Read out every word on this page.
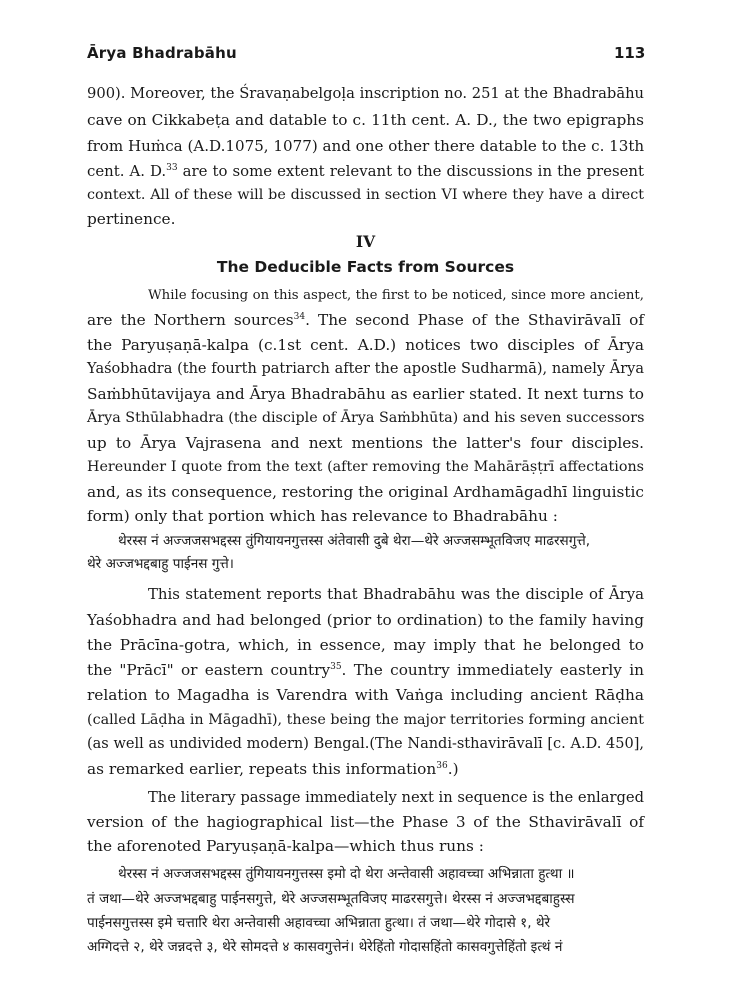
Ārya Bhadrabāhu	113
900). Moreover, the Śravaṇabelgoḷa inscription no. 251 at the Bhadrabāhu
cave on Cikkabeṭa and datable to c. 11th cent. A. D., the two epigraphs
from Huṁca (A.D.1075, 1077) and one other there datable to the c. 13th
cent. A. D.$^{33}$ are to some extent relevant to the discussions in the present
context. All of these will be discussed in section VI where they have a direct
pertinence.
IV
The Deducible Facts from Sources
While focusing on this aspect, the first to be noticed, since more ancient,
are the Northern sources$^{34}$. The second Phase of the Sthavirāvalī of
the Paryuṣaṇā-kalpa (c.1st cent. A.D.) notices two disciples of Ārya
Yaśobhadra (the fourth patriarch after the apostle Sudharmā), namely Ārya
Saṁbhūtavijaya and Ārya Bhadrabāhu as earlier stated. It next turns to
Ārya Sthūlabhadra (the disciple of Ārya Saṁbhūta) and his seven successors
up to Ārya Vajrasena and next mentions the latter's four disciples.
Hereunder I quote from the text (after removing the Mahārāṣṭrī affectations
and, as its consequence, restoring the original Ardhamāgadhī linguistic
form) only that portion which has relevance to Bhadrabāhu :
थेरस्स नं अज्जजसभद्दस्स तुंगियायनगुत्तस्स अंतेवासी दुबे थेरा—थेरे अज्जसम्भूतविजए माढरसगुत्ते,
थेरे अज्जभद्दबाहु पाईनस गुत्ते।
This statement reports that Bhadrabāhu was the disciple of Ārya
Yaśobhadra and had belonged (prior to ordination) to the family having
the Prācīna-gotra, which, in essence, may imply that he belonged to
the "Prācī" or eastern country$^{35}$. The country immediately easterly in
relation to Magadha is Varendra with Vaṅga including ancient Rāḍha
(called Lāḍha in Māgadhī), these being the major territories forming ancient
(as well as undivided modern) Bengal.(The Nandi-sthavirāvalī [c. A.D. 450],
as remarked earlier, repeats this information$^{36}$.)
The literary passage immediately next in sequence is the enlarged
version of the hagiographical list—the Phase 3 of the Sthavirāvalī of
the aforenoted Paryuṣaṇā-kalpa—which thus runs :
थेरस्स नं अज्जजसभद्दस्स तुंगियायनगुत्तस्स इमो दो थेरा अन्तेवासी अहावच्चा अभिन्नाता हुत्था ॥
तं जथा—थेरे अज्जभद्दबाहु पाईनसगुत्ते, थेरे अज्जसम्भूतविजए माढरसगुत्ते। थेरस्स नं अज्जभद्दबाहुस्स
पाईनसगुत्तस्स इमे चत्तारि थेरा अन्तेवासी अहावच्चा अभिन्नाता हुत्था। तं जथा—थेरे गोदासे १, थेरे
अग्गिदत्ते २, थेरे जन्नदत्ते ३, थेरे सोमदत्ते ४ कासवगुत्तेनं। थेरेहिंतो गोदासहिंतो कासवगुत्तेहिंतो इत्थं नं
